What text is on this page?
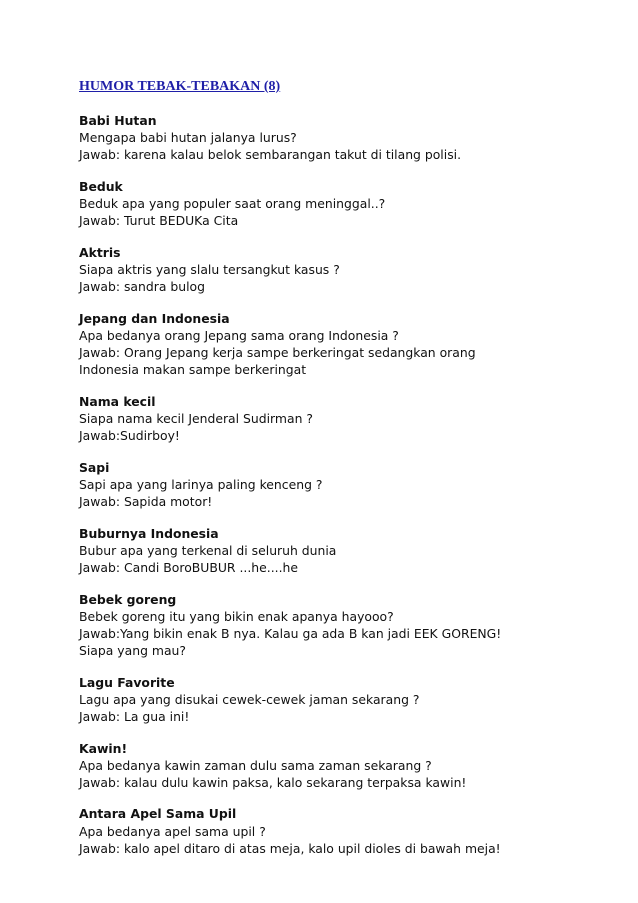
HUMOR TEBAK-TEBAKAN (8)
Babi Hutan
Mengapa babi hutan jalanya lurus?
Jawab: karena kalau belok sembarangan takut di tilang polisi.
Beduk
Beduk apa yang populer saat orang meninggal..?
Jawab: Turut BEDUKa Cita
Aktris
Siapa aktris yang slalu tersangkut kasus ?
Jawab: sandra bulog
Jepang dan Indonesia
Apa bedanya orang Jepang sama orang Indonesia ?
Jawab: Orang Jepang kerja sampe berkeringat sedangkan orang
Indonesia makan sampe berkeringat
Nama kecil
Siapa nama kecil Jenderal Sudirman ?
Jawab:Sudirboy!
Sapi
Sapi apa yang larinya paling kenceng ?
Jawab: Sapida motor!
Buburnya Indonesia
Bubur apa yang terkenal di seluruh dunia
Jawab: Candi BoroBUBUR ...he....he
Bebek goreng
Bebek goreng itu yang bikin enak apanya hayooo?
Jawab:Yang bikin enak B nya. Kalau ga ada B kan jadi EEK GORENG!
Siapa yang mau?
Lagu Favorite
Lagu apa yang disukai cewek-cewek jaman sekarang ?
Jawab: La gua ini!
Kawin!
Apa bedanya kawin zaman dulu sama zaman sekarang ?
Jawab: kalau dulu kawin paksa, kalo sekarang terpaksa kawin!
Antara Apel Sama Upil
Apa bedanya apel sama upil ?
Jawab: kalo apel ditaro di atas meja, kalo upil dioles di bawah meja!
